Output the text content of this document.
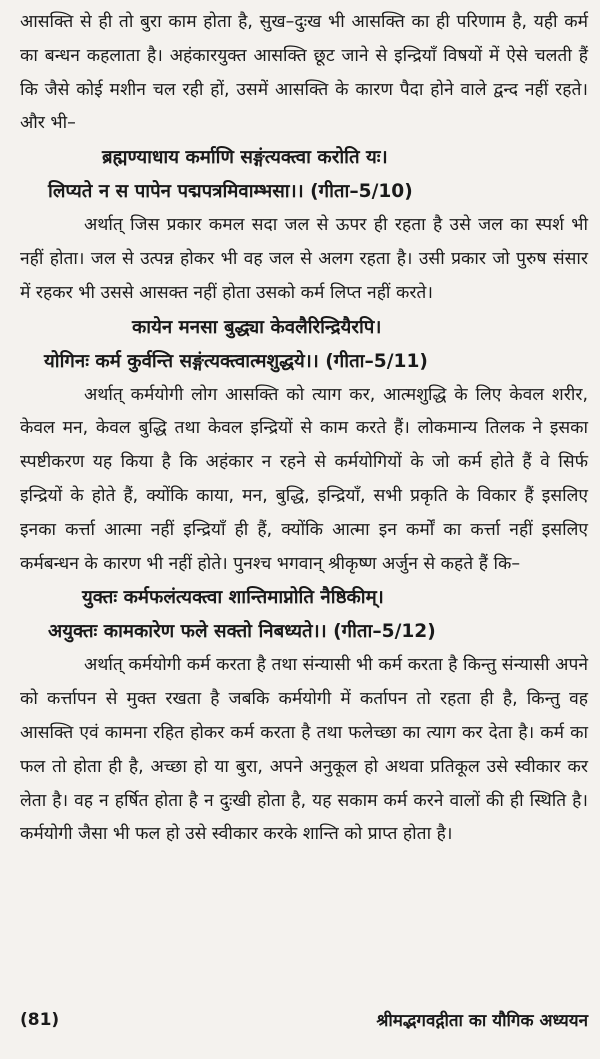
आसक्ति से ही तो बुरा काम होता है, सुख–दुःख भी आसक्ति का ही परिणाम है, यही कर्म का बन्धन कहलाता है। अहंकारयुक्त आसक्ति छूट जाने से इन्द्रियाँ विषयों में ऐसे चलती हैं कि जैसे कोई मशीन चल रही हों, उसमें आसक्ति के कारण पैदा होने वाले द्वन्द नहीं रहते। और भी–

ब्रह्मण्याधाय कर्माणि सङ्गंत्यक्त्वा करोति यः।

लिप्यते न स पापेन पद्मपत्रमिवाम्भसा।। (गीता–5/10)

अर्थात् जिस प्रकार कमल सदा जल से ऊपर ही रहता है उसे जल का स्पर्श भी नहीं होता। जल से उत्पन्न होकर भी वह जल से अलग रहता है। उसी प्रकार जो पुरुष संसार में रहकर भी उससे आसक्त नहीं होता उसको कर्म लिप्त नहीं करते।

कायेन मनसा बुद्ध्या केवलैरिन्द्रियैरपि।

योगिनः कर्म कुर्वन्ति सङ्गंत्यक्त्वात्मशुद्धये।। (गीता–5/11)

अर्थात् कर्मयोगी लोग आसक्ति को त्याग कर, आत्मशुद्धि के लिए केवल शरीर, केवल मन, केवल बुद्धि तथा केवल इन्द्रियों से काम करते हैं। लोकमान्य तिलक ने इसका स्पष्टीकरण यह किया है कि अहंकार न रहने से कर्मयोगियों के जो कर्म होते हैं वे सिर्फ इन्द्रियों के होते हैं, क्योंकि काया, मन, बुद्धि, इन्द्रियाँ, सभी प्रकृति के विकार हैं इसलिए इनका कर्त्ता आत्मा नहीं इन्द्रियाँ ही हैं, क्योंकि आत्मा इन कर्मों का कर्त्ता नहीं इसलिए कर्मबन्धन के कारण भी नहीं होते। पुनश्च भगवान् श्रीकृष्ण अर्जुन से कहते हैं कि–

युक्तः कर्मफलंत्यक्त्वा शान्तिमाप्नोति नैष्ठिकीम्।

अयुक्तः कामकारेण फले सक्तो निबध्यते।। (गीता–5/12)

अर्थात् कर्मयोगी कर्म करता है तथा संन्यासी भी कर्म करता है किन्तु संन्यासी अपने को कर्त्तापन से मुक्त रखता है जबकि कर्मयोगी में कर्तापन तो रहता ही है, किन्तु वह आसक्ति एवं कामना रहित होकर कर्म करता है तथा फलेच्छा का त्याग कर देता है। कर्म का फल तो होता ही है, अच्छा हो या बुरा, अपने अनुकूल हो अथवा प्रतिकूल उसे स्वीकार कर लेता है। वह न हर्षित होता है न दुःखी होता है, यह सकाम कर्म करने वालों की ही स्थिति है। कर्मयोगी जैसा भी फल हो उसे स्वीकार करके शान्ति को प्राप्त होता है।

(81)	श्रीमद्भगवद्गीता का यौगिक अध्ययन
